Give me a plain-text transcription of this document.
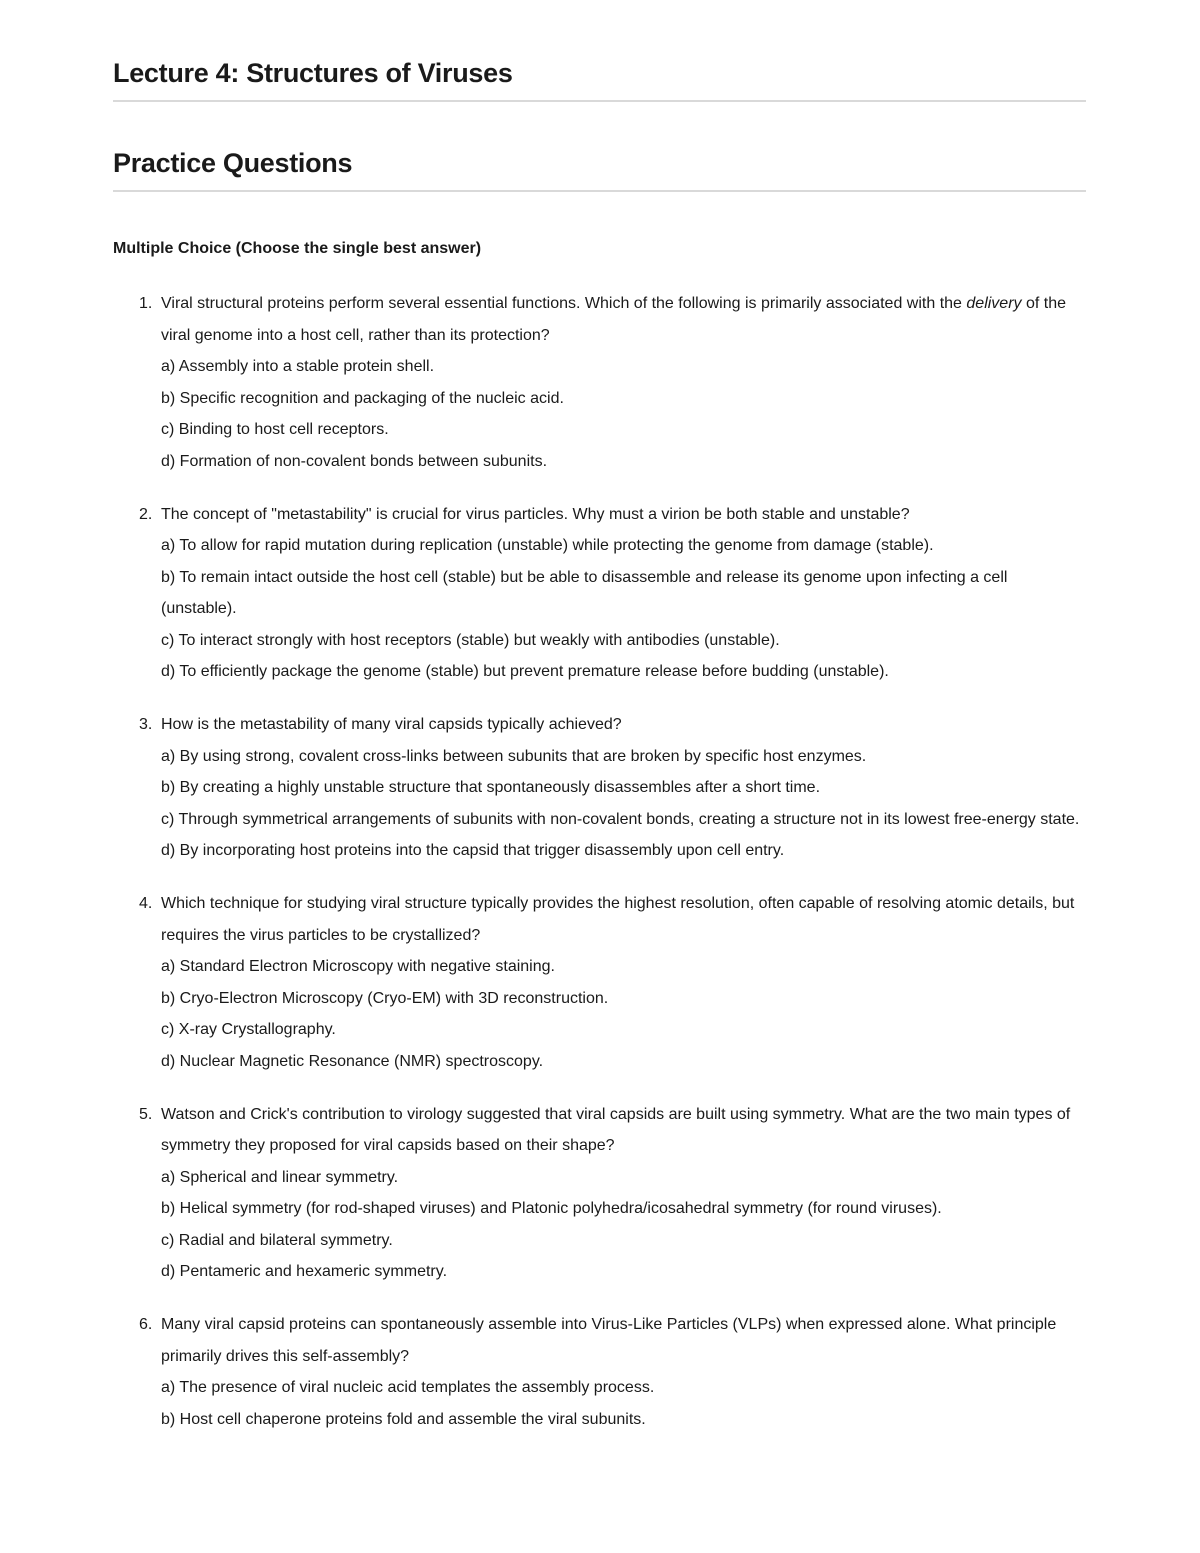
Lecture 4: Structures of Viruses
Practice Questions
Multiple Choice (Choose the single best answer)
1. Viral structural proteins perform several essential functions. Which of the following is primarily associated with the delivery of the viral genome into a host cell, rather than its protection?
a) Assembly into a stable protein shell.
b) Specific recognition and packaging of the nucleic acid.
c) Binding to host cell receptors.
d) Formation of non-covalent bonds between subunits.
2. The concept of "metastability" is crucial for virus particles. Why must a virion be both stable and unstable?
a) To allow for rapid mutation during replication (unstable) while protecting the genome from damage (stable).
b) To remain intact outside the host cell (stable) but be able to disassemble and release its genome upon infecting a cell (unstable).
c) To interact strongly with host receptors (stable) but weakly with antibodies (unstable).
d) To efficiently package the genome (stable) but prevent premature release before budding (unstable).
3. How is the metastability of many viral capsids typically achieved?
a) By using strong, covalent cross-links between subunits that are broken by specific host enzymes.
b) By creating a highly unstable structure that spontaneously disassembles after a short time.
c) Through symmetrical arrangements of subunits with non-covalent bonds, creating a structure not in its lowest free-energy state.
d) By incorporating host proteins into the capsid that trigger disassembly upon cell entry.
4. Which technique for studying viral structure typically provides the highest resolution, often capable of resolving atomic details, but requires the virus particles to be crystallized?
a) Standard Electron Microscopy with negative staining.
b) Cryo-Electron Microscopy (Cryo-EM) with 3D reconstruction.
c) X-ray Crystallography.
d) Nuclear Magnetic Resonance (NMR) spectroscopy.
5. Watson and Crick's contribution to virology suggested that viral capsids are built using symmetry. What are the two main types of symmetry they proposed for viral capsids based on their shape?
a) Spherical and linear symmetry.
b) Helical symmetry (for rod-shaped viruses) and Platonic polyhedra/icosahedral symmetry (for round viruses).
c) Radial and bilateral symmetry.
d) Pentameric and hexameric symmetry.
6. Many viral capsid proteins can spontaneously assemble into Virus-Like Particles (VLPs) when expressed alone. What principle primarily drives this self-assembly?
a) The presence of viral nucleic acid templates the assembly process.
b) Host cell chaperone proteins fold and assemble the viral subunits.
